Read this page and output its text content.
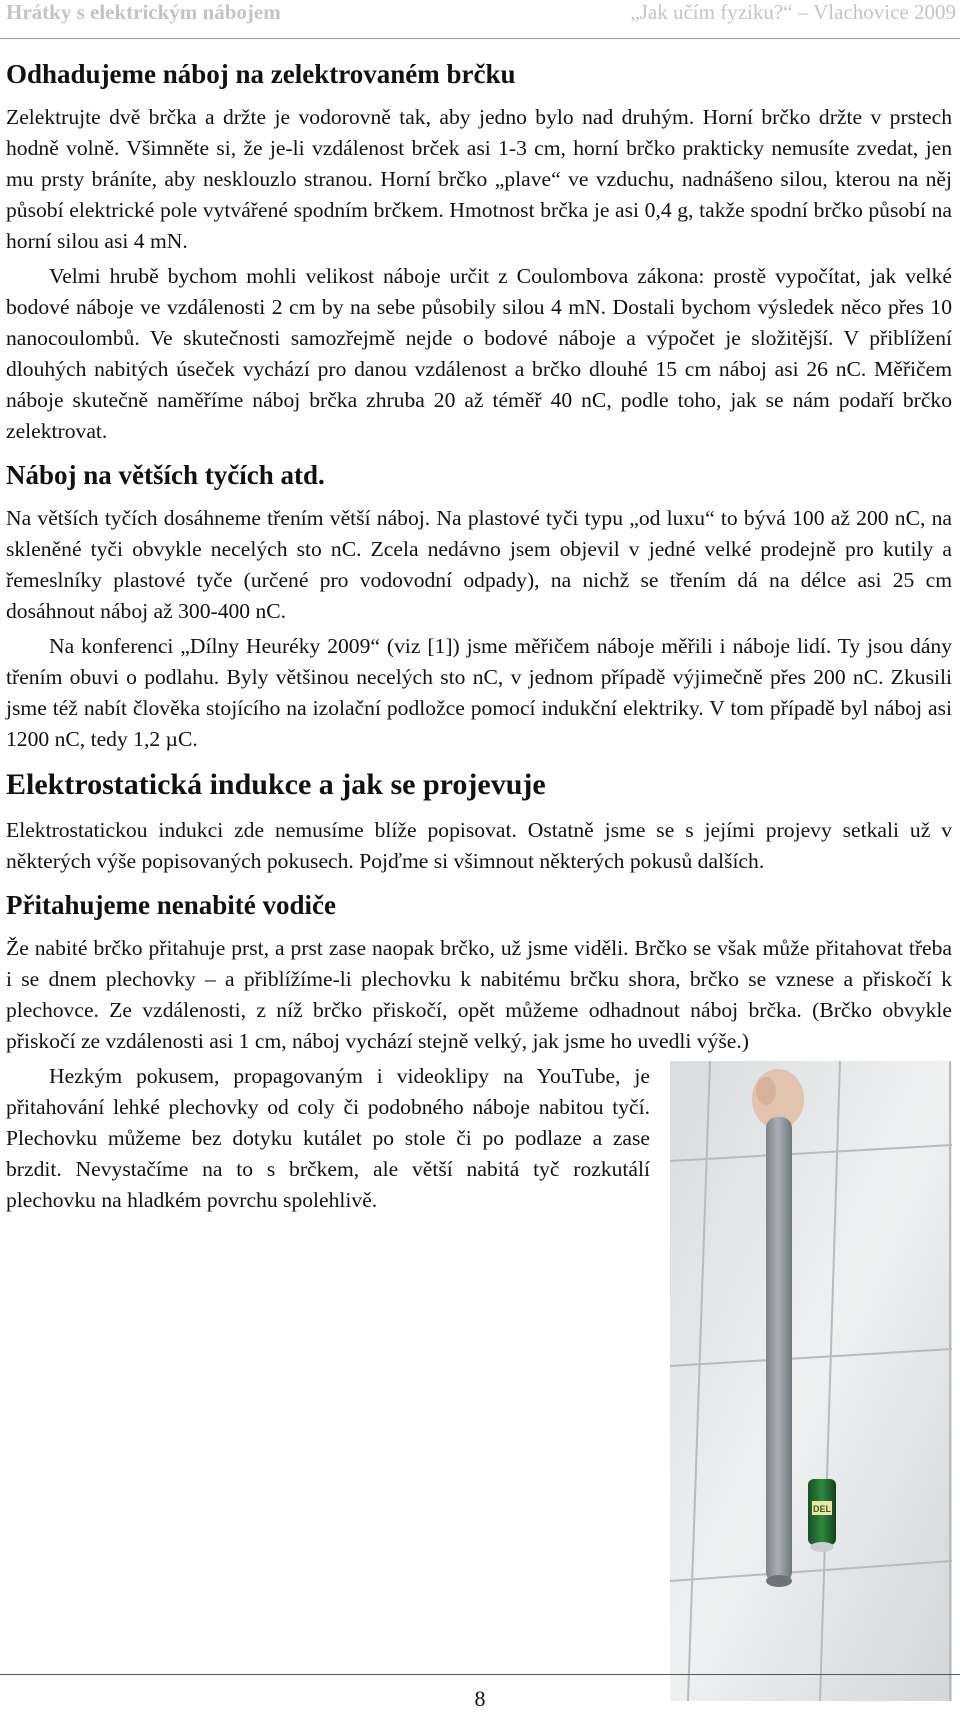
Hrátky s elektrickým nábojem	„Jak učím fyziku?“ – Vlachovice 2009
Odhadujeme náboj na zelektrovaném brčku

Zelektrujte dvě brčka a držte je vodorovně tak, aby jedno bylo nad druhým. Horní brčko držte v prstech hodně volně. Všimněte si, že je-li vzdálenost brček asi 1-3 cm, horní brčko prakticky nemusíte zvedat, jen mu prsty bráníte, aby nesklouzlo stranou. Horní brčko „plave“ ve vzduchu, nadnášeno silou, kterou na něj působí elektrické pole vytvářené spodním brčkem. Hmotnost brčka je asi 0,4 g, takže spodní brčko působí na horní silou asi 4 mN.

Velmi hrubě bychom mohli velikost náboje určit z Coulombova zákona: prostě vypočítat, jak velké bodové náboje ve vzdálenosti 2 cm by na sebe působily silou 4 mN. Dostali bychom výsledek něco přes 10 nanocoulombů. Ve skutečnosti samozřejmě nejde o bodové náboje a výpočet je složitější. V přiblížení dlouhých nabitých úseček vychází pro danou vzdálenost a brčko dlouhé 15 cm náboj asi 26 nC. Měřičem náboje skutečně naměříme náboj brčka zhruba 20 až téměř 40 nC, podle toho, jak se nám podaří brčko zelektrovat.

Náboj na větších tyčích atd.

Na větších tyčích dosáhneme třením větší náboj. Na plastové tyči typu „od luxu“ to bývá 100 až 200 nC, na skleněné tyči obvykle necelých sto nC. Zcela nedávno jsem objevil v jedné velké prodejně pro kutily a řemeslníky plastové tyče (určené pro vodovodní odpady), na nichž se třením dá na délce asi 25 cm dosáhnout náboj až 300-400 nC.

Na konferenci „Dílny Heuréky 2009“ (viz [1]) jsme měřičem náboje měřili i náboje lidí. Ty jsou dány třením obuvi o podlahu. Byly většinou necelých sto nC, v jednom případě výjimečně přes 200 nC. Zkusili jsme též nabít člověka stojícího na izolační podložce pomocí indukční elektriky. V tom případě byl náboj asi 1200 nC, tedy 1,2 µC.

Elektrostatická indukce a jak se projevuje

Elektrostatickou indukci zde nemusíme blíže popisovat. Ostatně jsme se s jejími projevy setkali už v některých výše popisovaných pokusech. Pojďme si všimnout některých pokusů dalších.

Přitahujeme nenabité vodiče

Že nabité brčko přitahuje prst, a prst zase naopak brčko, už jsme viděli. Brčko se však může přitahovat třeba i se dnem plechovky – a přiblížíme-li plechovku k nabitému brčku shora, brčko se vznese a přiskočí k plechovce. Ze vzdálenosti, z níž brčko přiskočí, opět můžeme odhadnout náboj brčka. (Brčko obvykle přiskočí ze vzdálenosti asi 1 cm, náboj vychází stejně velký, jak jsme ho uvedli výše.)

DEL

Hezkým pokusem, propagovaným i videoklipy na YouTube, je přitahování lehké plechovky od coly či podobného náboje nabitou tyčí. Plechovku můžeme bez dotyku kutálet po stole či po podlaze a zase brzdit. Nevystačíme na to s brčkem, ale větší nabitá tyč rozkutálí plechovku na hladkém povrchu spolehlivě.

8
